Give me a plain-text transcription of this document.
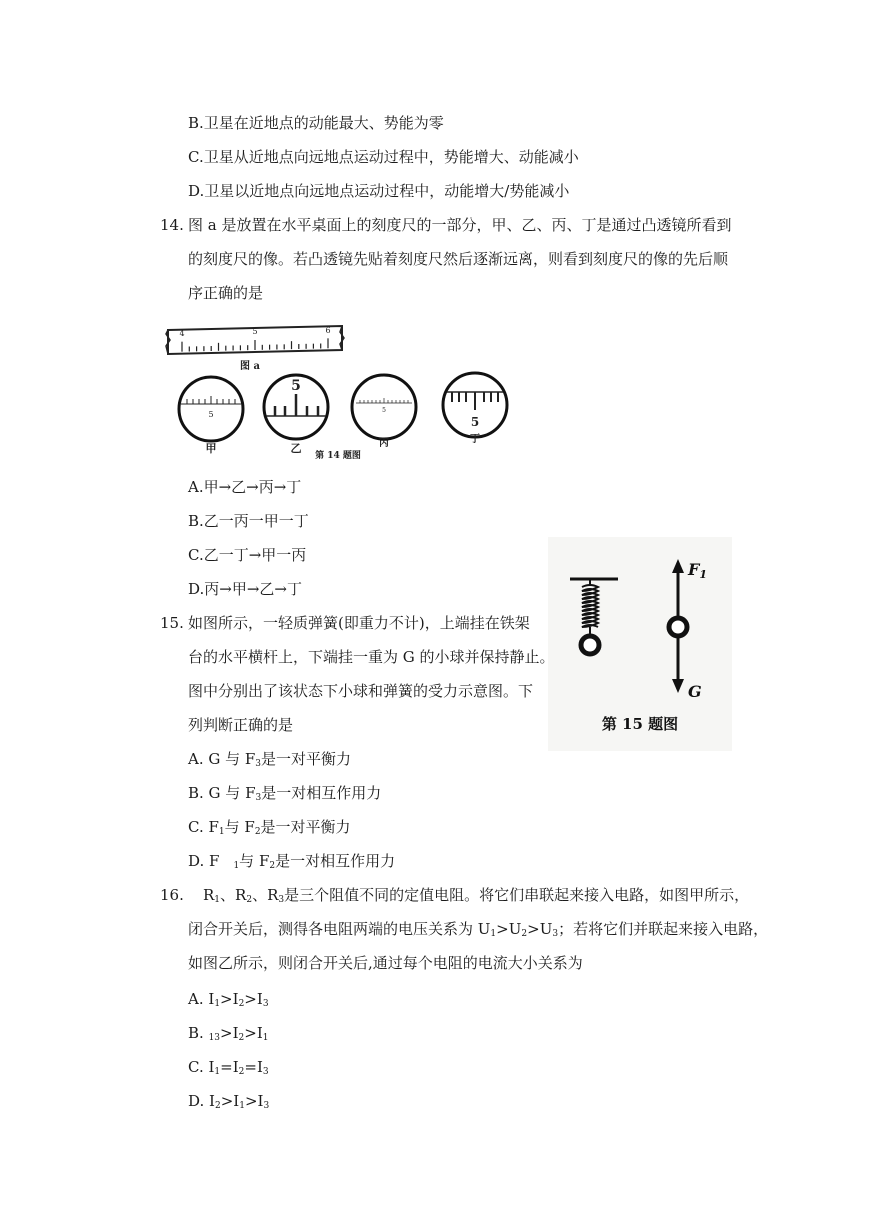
B.卫星在近地点的动能最大、势能为零
C.卫星从近地点向远地点运动过程中，势能增大、动能减小
D.卫星以近地点向远地点运动过程中，动能增大/势能减小
14. 图 a 是放置在水平桌面上的刻度尺的一部分，甲、乙、丙、丁是通过凸透镜所看到
的刻度尺的像。若凸透镜先贴着刻度尺然后逐渐远离，则看到刻度尺的像的先后顺
序正确的是
4	5	6
图 a
5
甲
5
乙
5
丙
5
丁
第 14 题图
A.甲→乙→丙→丁
B.乙一丙一甲一丁
C.乙一丁→甲一丙
D.丙→甲→乙→丁
F1
G
第 15 题图
15. 如图所示，一轻质弹簧(即重力不计)，上端挂在铁架
台的水平横杆上，下端挂一重为 G 的小球并保持静止。
图中分别出了该状态下小球和弹簧的受力示意图。下
列判断正确的是
A. G 与 $F_3$是一对平衡力
B. G 与 $F_3$是一对相互作用力
C. $F_1$与 $F_2$是一对平衡力
D. F $_1$与 $F_2$是一对相互作用力
16. $R_1$、$R_2$、$R_3$是三个阻值不同的定值电阻。将它们串联起来接入电路，如图甲所示，
闭合开关后，测得各电阻两端的电压关系为 $U_1>U_2>U_3$；若将它们并联起来接入电路，
如图乙所示，则闭合开关后,通过每个电阻的电流大小关系为
A. $I_1>I_2>I_3$
B. $_{13}>I_2>I_1$
C. $I_1=I_2=I_3$
D. $I_2>I_1>I_3$
